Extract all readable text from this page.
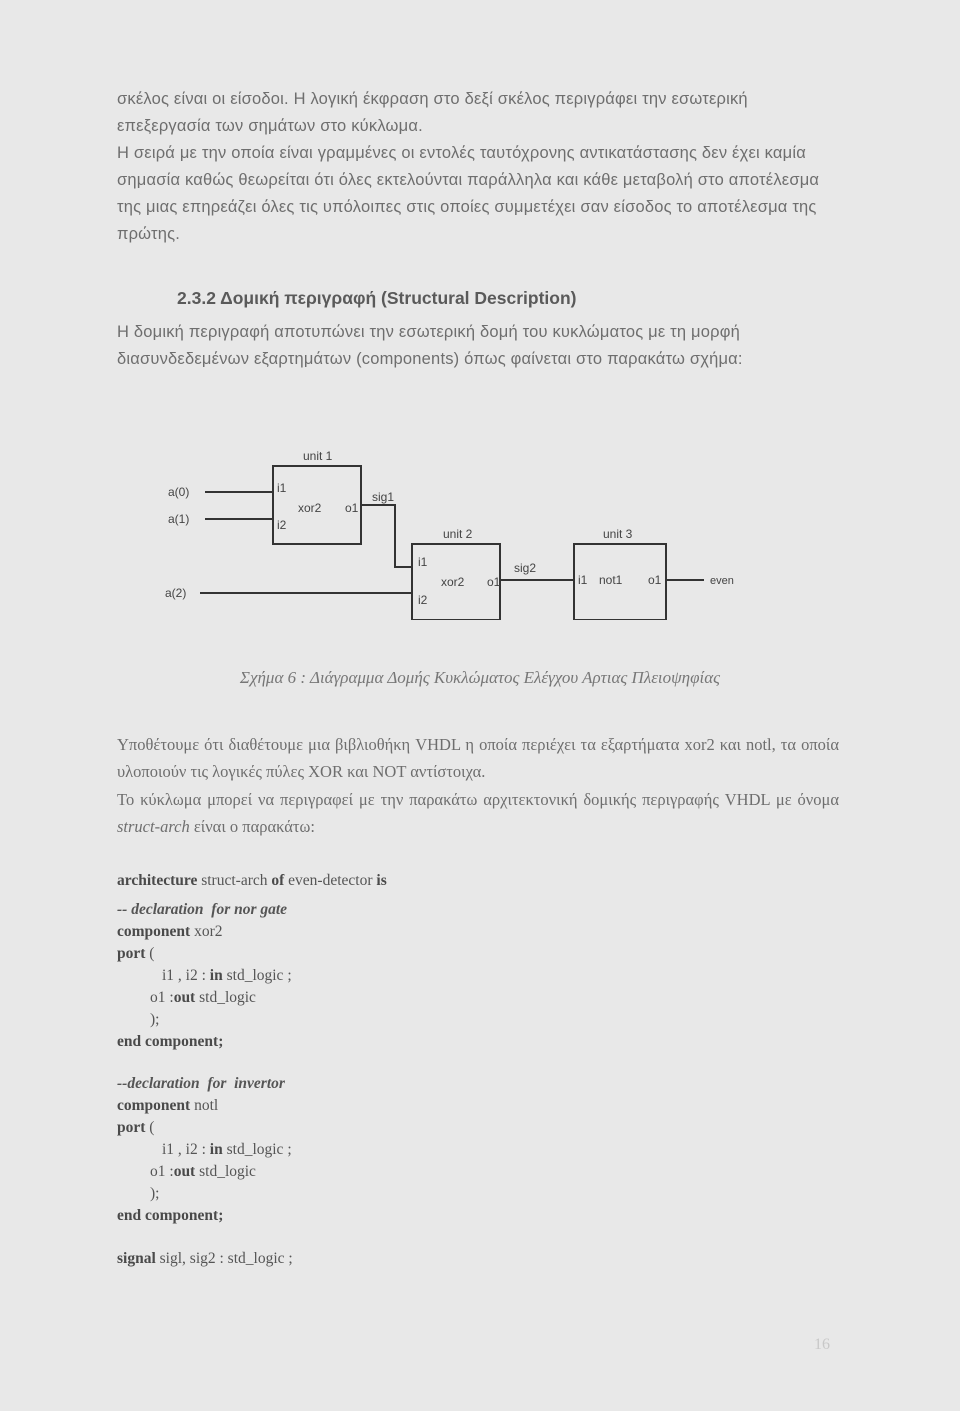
σκέλος είναι οι είσοδοι. Η λογική έκφραση στο δεξί σκέλος περιγράφει την εσωτερική επεξεργασία των σημάτων στο κύκλωμα.
Η σειρά με την οποία είναι γραμμένες οι εντολές ταυτόχρονης αντικατάστασης δεν έχει καμία σημασία καθώς θεωρείται ότι όλες εκτελούνται παράλληλα και κάθε μεταβολή στο αποτέλεσμα της μιας επηρεάζει όλες τις υπόλοιπες στις οποίες συμμετέχει σαν είσοδος το αποτέλεσμα της πρώτης.
2.3.2 Δομική περιγραφή (Structural Description)
Η δομική περιγραφή αποτυπώνει την εσωτερική δομή του κυκλώματος με τη μορφή διασυνδεδεμένων εξαρτημάτων (components) όπως φαίνεται στο παρακάτω σχήμα:
unit 1
a(0)
a(1)
a(2)
i1
i2
xor2 o1
sig1
unit 2
i1
i2
xor2 o1
sig2
unit 3
i1 not1 o1	even
Σχήμα 6 : Διάγραμμα Δομής Κυκλώματος Ελέγχου Αρτιας Πλειοψηφίας
Υποθέτουμε ότι διαθέτουμε μια βιβλιοθήκη VHDL η οποία περιέχει τα εξαρτήματα xor2 και notl, τα οποία υλοποιούν τις λογικές πύλες XOR και NOT αντίστοιχα.
Το κύκλωμα μπορεί να περιγραφεί με την παρακάτω αρχιτεκτονική δομικής περιγραφής VHDL με όνομα struct-arch είναι ο παρακάτω:
architecture struct-arch of even-detector is
-- declaration  for nor gate
component xor2
port (
i1 , i2 : in std_logic ;
o1 :out std_logic
);
end component;
--declaration  for  invertor
component notl
port (
i1 , i2 : in std_logic ;
o1 :out std_logic
);
end component;
signal sigl, sig2 : std_logic ;
16
